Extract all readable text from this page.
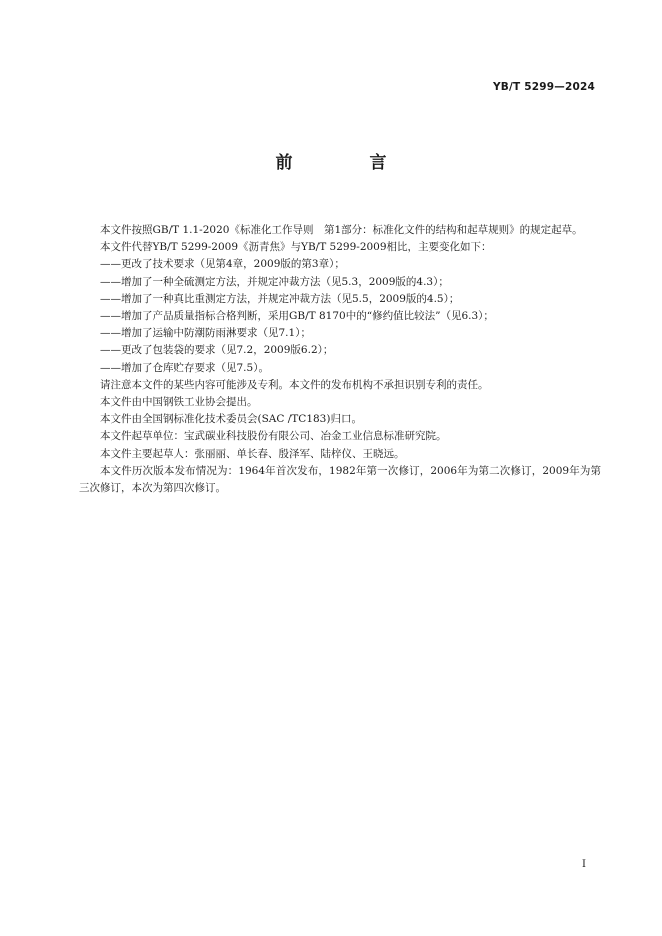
YB/T 5299—2024
前　言

本文件按照GB/T 1.1-2020《标准化工作导则　第1部分：标准化文件的结构和起草规则》的规定起草。

本文件代替YB/T 5299-2009《沥青焦》与YB/T 5299-2009相比，主要变化如下：

——更改了技术要求（见第4章，2009版的第3章）；

——增加了一种全硫测定方法，并规定冲裁方法（见5.3，2009版的4.3）；

——增加了一种真比重测定方法，并规定冲裁方法（见5.5，2009版的4.5）；

——增加了产品质量指标合格判断，采用GB/T 8170中的“修约值比较法”（见6.3）；

——增加了运输中防潮防雨淋要求（见7.1）；

——更改了包装袋的要求（见7.2，2009版6.2）；

——增加了仓库贮存要求（见7.5）。

请注意本文件的某些内容可能涉及专利。本文件的发布机构不承担识别专利的责任。

本文件由中国钢铁工业协会提出。

本文件由全国钢标准化技术委员会(SAC /TC183)归口。

本文件起草单位：宝武碳业科技股份有限公司、冶金工业信息标准研究院。

本文件主要起草人：张丽丽、单长春、殷泽军、陆梓仪、王晓远。

本文件历次版本发布情况为：1964年首次发布，1982年第一次修订，2006年为第二次修订，2009年为第三次修订，本次为第四次修订。

I
